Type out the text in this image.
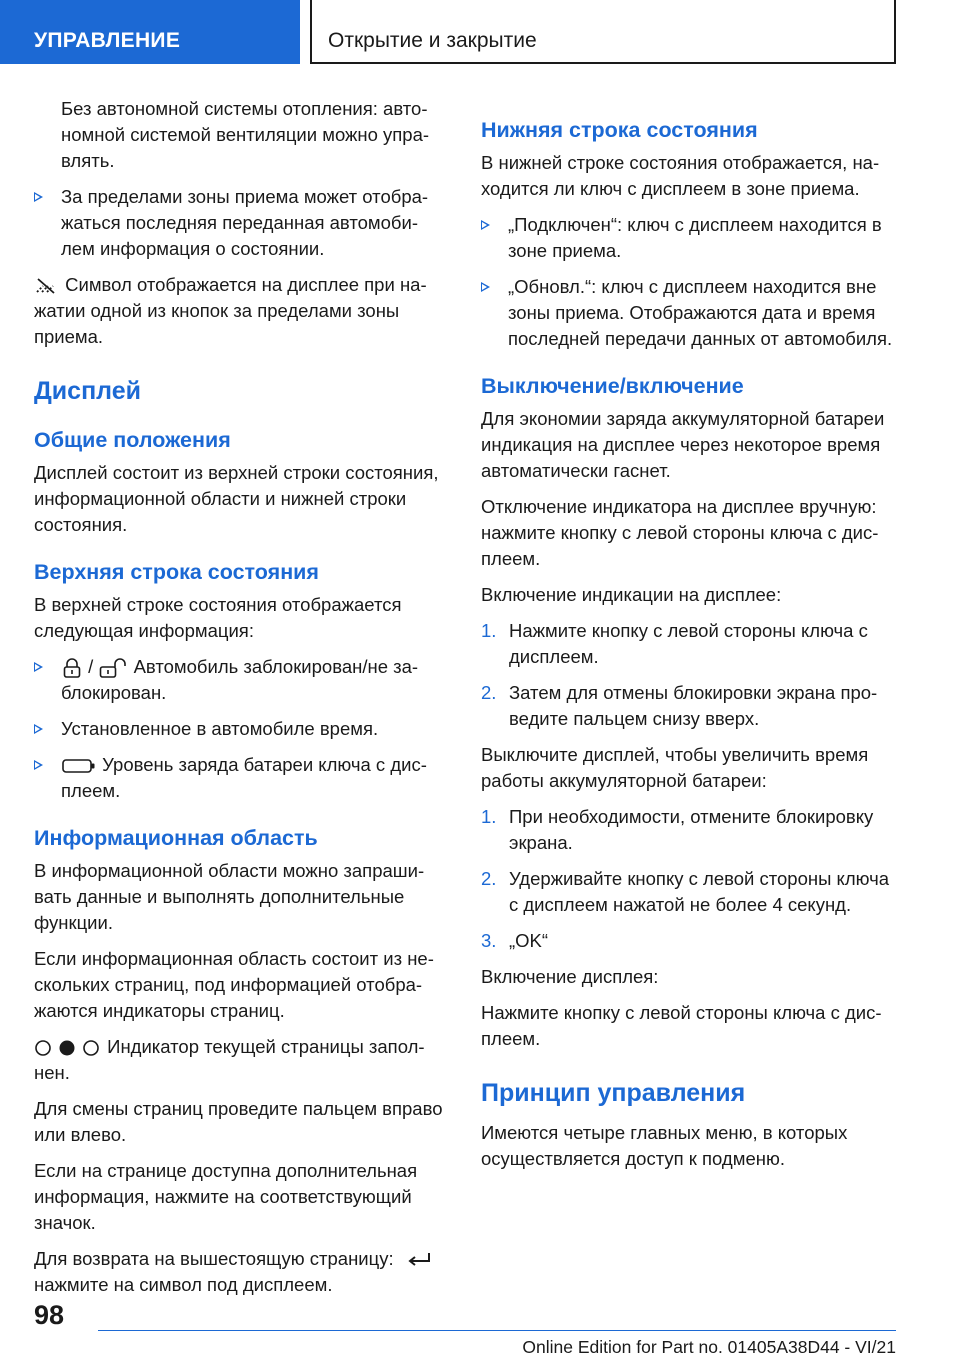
УПРАВЛЕНИЕ	Открытие и закрытие

Без автономной системы отопления: автономной системой вентиляции можно управлять.

За пределами зоны приема может отображаться последняя переданная автомобилем информация о состоянии.

Символ отображается на дисплее при нажатии одной из кнопок за пределами зоны приема.

Дисплей
Общие положения

Дисплей состоит из верхней строки состояния, информационной области и нижней строки состояния.

Верхняя строка состояния

В верхней строке состояния отображается следующая информация:

/ Автомобиль заблокирован/не заблокирован.
Установленное в автомобиле время.
Уровень заряда батареи ключа с дисплеем.
Информационная область

В информационной области можно запрашивать данные и выполнять дополнительные функции.

Если информационная область состоит из нескольких страниц, под информацией отображаются индикаторы страниц.

Индикатор текущей страницы заполнен.

Для смены страниц проведите пальцем вправо или влево.

Если на странице доступна дополнительная информация, нажмите на соответствующий значок.

Для возврата на вышестоящую страницу:
нажмите на символ под дисплеем.

Нижняя строка состояния

В нижней строке состояния отображается, находится ли ключ с дисплеем в зоне приема.

„Подключен“: ключ с дисплеем находится в зоне приема.
„Обновл.“: ключ с дисплеем находится вне зоны приема. Отображаются дата и время последней передачи данных от автомобиля.
Выключение/включение

Для экономии заряда аккумуляторной батареи индикация на дисплее через некоторое время автоматически гаснет.

Отключение индикатора на дисплее вручную: нажмите кнопку с левой стороны ключа с дисплеем.

Включение индикации на дисплее:

1. Нажмите кнопку с левой стороны ключа с дисплеем.
2. Затем для отмены блокировки экрана проведите пальцем снизу вверх.

Выключите дисплей, чтобы увеличить время работы аккумуляторной батареи:

1. При необходимости, отмените блокировку экрана.
2. Удерживайте кнопку с левой стороны ключа с дисплеем нажатой не более 4 секунд.
3. „OK“

Включение дисплея:

Нажмите кнопку с левой стороны ключа с дисплеем.

Принцип управления

Имеются четыре главных меню, в которых осуществляется доступ к подменю.

98
Online Edition for Part no. 01405A38D44 - VI/21
